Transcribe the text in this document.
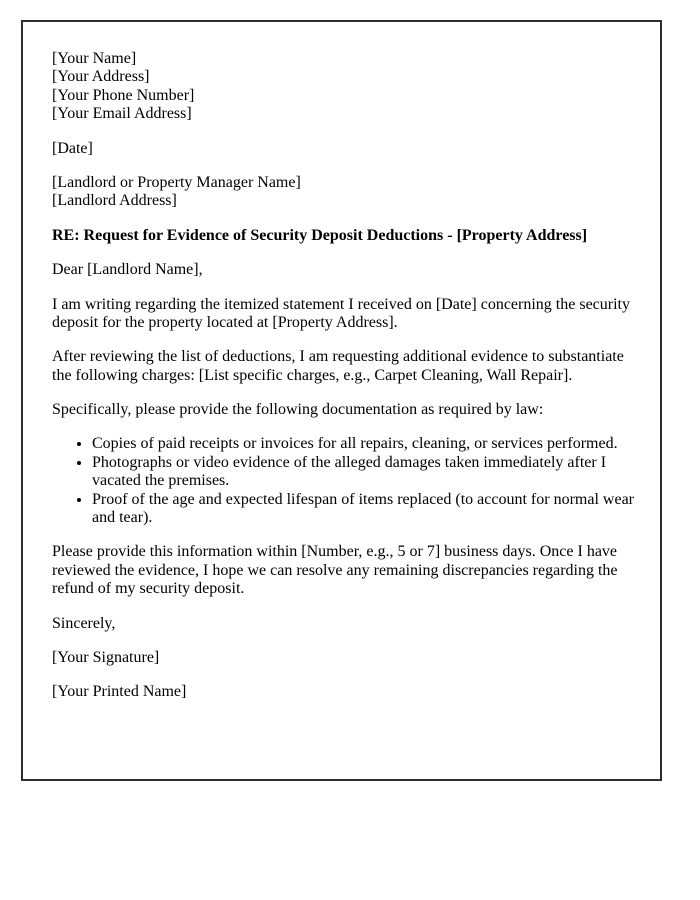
[Your Name]
[Your Address]
[Your Phone Number]
[Your Email Address]

[Date]

[Landlord or Property Manager Name]
[Landlord Address]

RE: Request for Evidence of Security Deposit Deductions - [Property Address]

Dear [Landlord Name],

I am writing regarding the itemized statement I received on [Date] concerning the security deposit for the property located at [Property Address].

After reviewing the list of deductions, I am requesting additional evidence to substantiate the following charges: [List specific charges, e.g., Carpet Cleaning, Wall Repair].

Specifically, please provide the following documentation as required by law:

• Copies of paid receipts or invoices for all repairs, cleaning, or services performed.
• Photographs or video evidence of the alleged damages taken immediately after I vacated the premises.
• Proof of the age and expected lifespan of items replaced (to account for normal wear and tear).

Please provide this information within [Number, e.g., 5 or 7] business days. Once I have reviewed the evidence, I hope we can resolve any remaining discrepancies regarding the refund of my security deposit.

Sincerely,

[Your Signature]

[Your Printed Name]
